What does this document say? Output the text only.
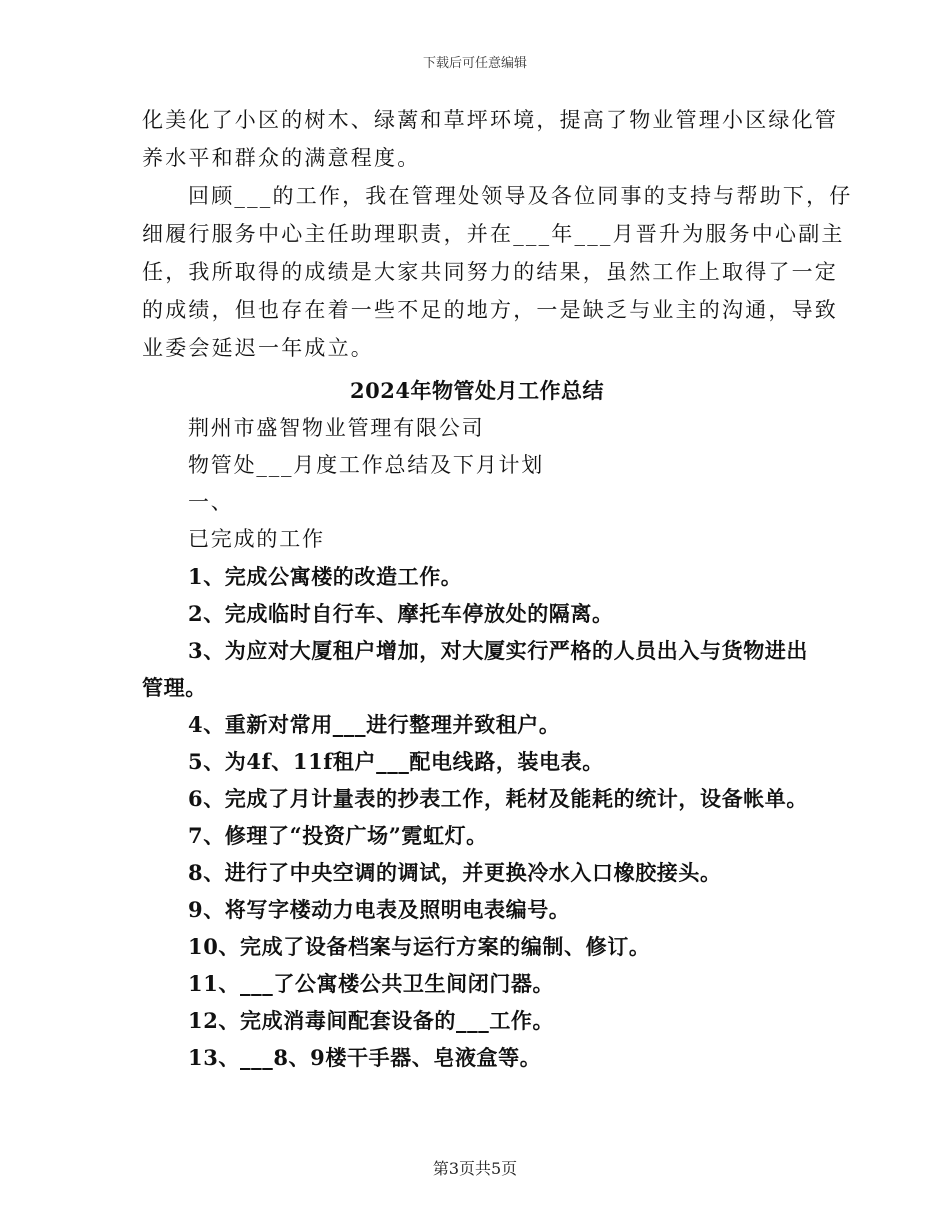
下载后可任意编辑

化美化了小区的树木、绿蓠和草坪环境，提高了物业管理小区绿化管

养水平和群众的满意程度。

回顾___的工作，我在管理处领导及各位同事的支持与帮助下，仔

细履行服务中心主任助理职责，并在___年___月晋升为服务中心副主

任，我所取得的成绩是大家共同努力的结果，虽然工作上取得了一定

的成绩，但也存在着一些不足的地方，一是缺乏与业主的沟通，导致

业委会延迟一年成立。

2024年物管处月工作总结

荆州市盛智物业管理有限公司

物管处___月度工作总结及下月计划

一、

已完成的工作

1、完成公寓楼的改造工作。

2、完成临时自行车、摩托车停放处的隔离。

3、为应对大厦租户增加，对大厦实行严格的人员出入与货物进出

管理。

4、重新对常用___进行整理并致租户。

5、为4f、11f租户___配电线路，装电表。

6、完成了月计量表的抄表工作，耗材及能耗的统计，设备帐单。

7、修理了“投资广场”霓虹灯。

8、进行了中央空调的调试，并更换冷水入口橡胶接头。

9、将写字楼动力电表及照明电表编号。

10、完成了设备档案与运行方案的编制、修订。

11、___了公寓楼公共卫生间闭门器。

12、完成消毒间配套设备的___工作。

13、___8、9楼干手器、皂液盒等。

第3页共5页
